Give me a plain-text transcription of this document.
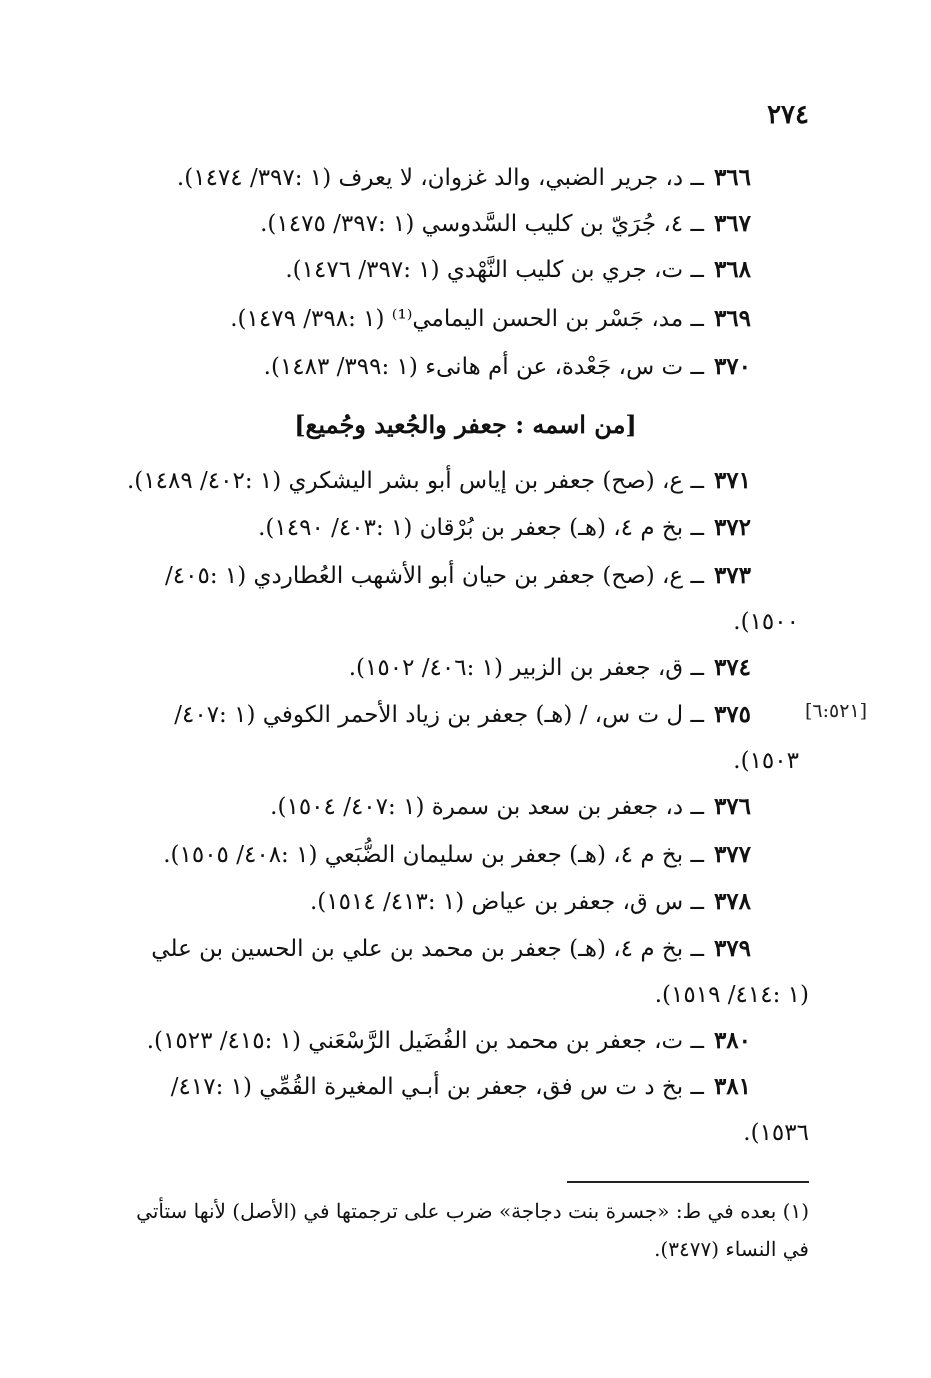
٢٧٤
٣٦٦ــ د، جرير الضبي، والد غزوان، لا يعرف (١ :٣٩٧/ ١٤٧٤).
٣٦٧ــ ٤، جُرَيّ بن كليب السَّدوسي (١ :٣٩٧/ ١٤٧٥).
٣٦٨ــ ت، جري بن كليب النَّهْدي (١ :٣٩٧/ ١٤٧٦).
٣٦٩ــ مد، جَسْر بن الحسن اليمامي⁽¹⁾ (١ :٣٩٨/ ١٤٧٩).
٣٧٠ــ ت س، جَعْدة، عن أم هانىء (١ :٣٩٩/ ١٤٨٣).
[من اسمه : جعفر والجُعيد وجُميع]
٣٧١ــ ع، (صح) جعفر بن إياس أبو بشر اليشكري (١ :٤٠٢/ ١٤٨٩).
٣٧٢ــ بخ م ٤، (هـ) جعفر بن بُرْقان (١ :٤٠٣/ ١٤٩٠).
٣٧٣ــ ع، (صح) جعفر بن حيان أبو الأشهب العُطاردي (١ :٤٠٥/
١٥٠٠).
٣٧٤ــ ق، جعفر بن الزبير (١ :٤٠٦/ ١٥٠٢).
٣٧٥ــ ل ت س، / (هـ) جعفر بن زياد الأحمر الكوفي (١ :٤٠٧/
١٥٠٣).
[٦:٥٢١]
٣٧٦ــ د، جعفر بن سعد بن سمرة (١ :٤٠٧/ ١٥٠٤).
٣٧٧ــ بخ م ٤، (هـ) جعفر بن سليمان الضُّبَعي (١ :٤٠٨/ ١٥٠٥).
٣٧٨ــ س ق، جعفر بن عياض (١ :٤١٣/ ١٥١٤).
٣٧٩ــ بخ م ٤، (هـ) جعفر بن محمد بن علي بن الحسين بن علي
(١ :٤١٤/ ١٥١٩).
٣٨٠ــ ت، جعفر بن محمد بن الفُضَيل الرَّسْعَني (١ :٤١٥/ ١٥٢٣).
٣٨١ــ بخ د ت س فق، جعفر بن أبـي المغيرة القُمِّي (١ :٤١٧/
١٥٣٦).
(١) بعده في ط: «جسرة بنت دجاجة» ضرب على ترجمتها في (الأصل) لأنها ستأتي
في النساء (٣٤٧٧).
